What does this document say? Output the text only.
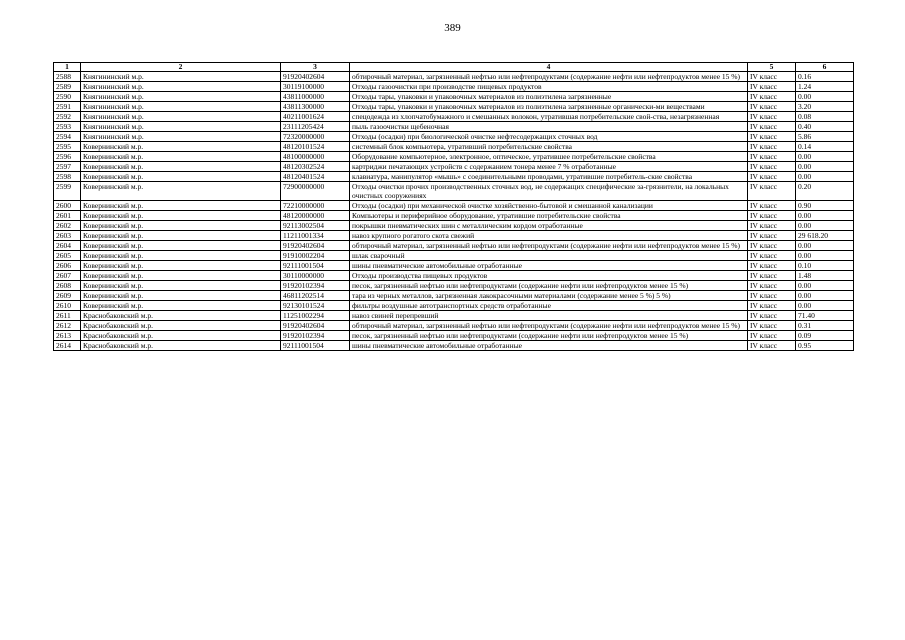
389
1	2	3	4	5	6
2588	Княгининский м.р.	91920402604	обтирочный материал, загрязненный нефтью или нефтепродуктами (содержание нефти или нефтепродуктов менее 15 %)	IV класс	0.16
2589	Княгининский м.р.	30119100000	Отходы газоочистки при производстве пищевых продуктов	IV класс	1.24
2590	Княгининский м.р.	43811000000	Отходы тары, упаковки и упаковочных материалов из полиэтилена загрязненные	IV класс	0.00
2591	Княгининский м.р.	43811300000	Отходы тары, упаковки и упаковочных материалов из полиэтилена загрязненные органически-ми веществами	IV класс	3.20
2592	Княгининский м.р.	40211001624	спецодежда из хлопчатобумажного и смешанных волокон, утратившая потребительские свой-ства, незагрязненная	IV класс	0.08
2593	Княгининский м.р.	23111205424	пыль газоочистки щебеночная	IV класс	0.40
2594	Княгининский м.р.	72320000000	Отходы (осадки) при биологической очистке нефтесодержащих сточных вод	IV класс	5.86
2595	Ковернинский м.р.	48120101524	системный блок компьютера, утративший потребительские свойства	IV класс	0.14
2596	Ковернинский м.р.	48100000000	Оборудование компьютерное, электронное, оптическое, утратившее потребительские свойства	IV класс	0.00
2597	Ковернинский м.р.	48120302524	картриджи печатающих устройств с содержанием тонера менее 7 % отработанные	IV класс	0.00
2598	Ковернинский м.р.	48120401524	клавиатура, манипулятор «мышь» с соединительными проводами, утратившие потребитель-ские свойства	IV класс	0.00
2599	Ковернинский м.р.	72900000000	Отходы очистки прочих производственных сточных вод, не содержащих специфические за-грязнители, на локальных очистных сооружениях	IV класс	0.20
2600	Ковернинский м.р.	72210000000	Отходы (осадки) при механической очистке хозяйственно-бытовой и смешанной канализации	IV класс	0.90
2601	Ковернинский м.р.	48120000000	Компьютеры и периферийное оборудование, утратившие потребительские свойства	IV класс	0.00
2602	Ковернинский м.р.	92113002504	покрышки пневматических шин с металлическим кордом отработанные	IV класс	0.00
2603	Ковернинский м.р.	11211001334	навоз крупного рогатого скота свежий	IV класс	29 618.20
2604	Ковернинский м.р.	91920402604	обтирочный материал, загрязненный нефтью или нефтепродуктами (содержание нефти или нефтепродуктов менее 15 %)	IV класс	0.00
2605	Ковернинский м.р.	91910002204	шлак сварочный	IV класс	0.00
2606	Ковернинский м.р.	92111001504	шины пневматические автомобильные отработанные	IV класс	0.10
2607	Ковернинский м.р.	30110000000	Отходы производства пищевых продуктов	IV класс	1.48
2608	Ковернинский м.р.	91920102394	песок, загрязненный нефтью или нефтепродуктами (содержание нефти или нефтепродуктов менее 15 %)	IV класс	0.00
2609	Ковернинский м.р.	46811202514	тара из черных металлов, загрязненная лакокрасочными материалами (содержание менее 5 %) 5 %)	IV класс	0.00
2610	Ковернинский м.р.	92130101524	фильтры воздушные автотранспортных средств отработанные	IV класс	0.00
2611	Краснобаковский м.р.	11251002294	навоз свиней перепревший	IV класс	71.40
2612	Краснобаковский м.р.	91920402604	обтирочный материал, загрязненный нефтью или нефтепродуктами (содержание нефти или нефтепродуктов менее 15 %)	IV класс	0.31
2613	Краснобаковский м.р.	91920102394	песок, загрязненный нефтью или нефтепродуктами (содержание нефти или нефтепродуктов менее 15 %)	IV класс	0.09
2614	Краснобаковский м.р.	92111001504	шины пневматические автомобильные отработанные	IV класс	0.95
